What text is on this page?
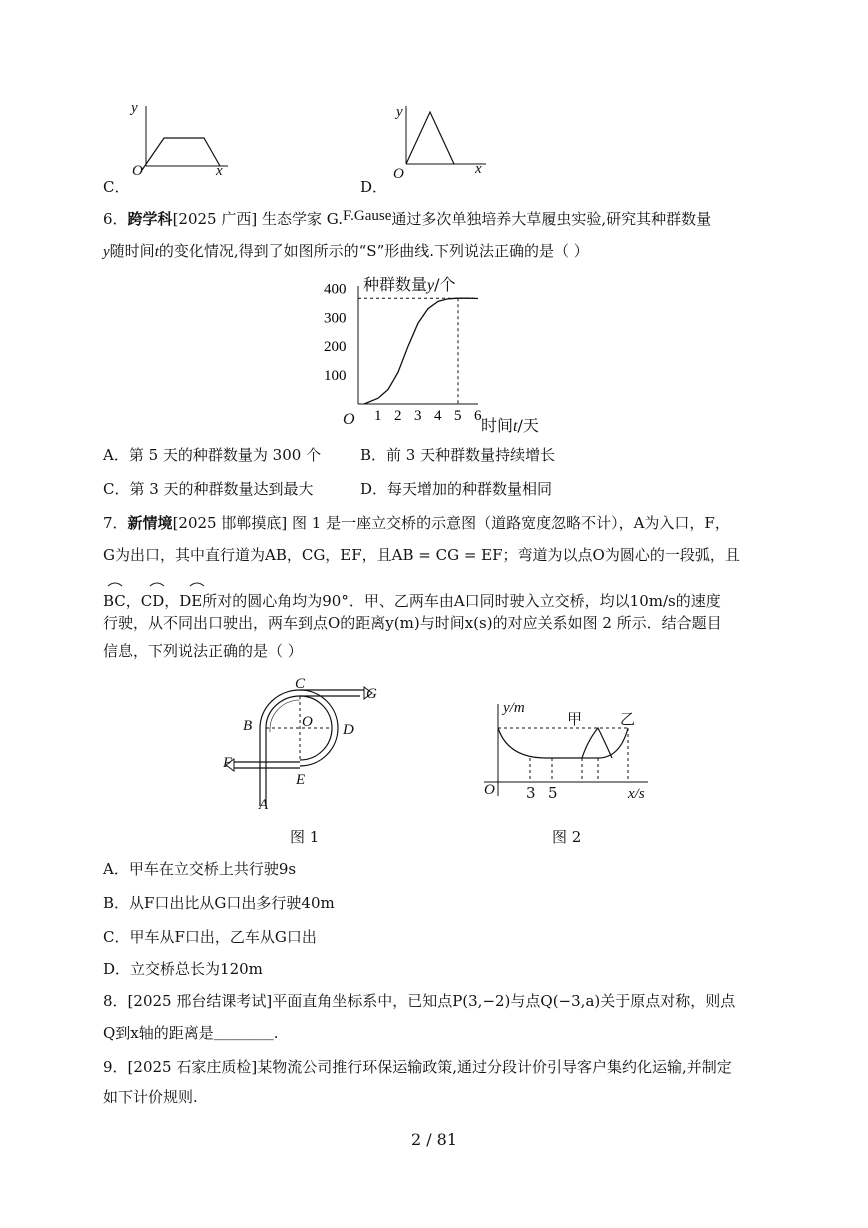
y
x
O
C．
y
x
O
D．
6．跨学科[2025 广西] 生态学家 G.F.Gause通过多次单独培养大草履虫实验,研究其种群数量
y随时间t的变化情况,得到了如图所示的“S”形曲线.下列说法正确的是（ ）
1 2 3 4 5 6
100
200
300
400 种群数量y/个
时间t/天
O
A．第 5 天的种群数量为 300 个	B．前 3 天种群数量持续增长
C．第 3 天的种群数量达到最大	D．每天增加的种群数量相同
7．新情境[2025 邯郸摸底] 图 1 是一座立交桥的示意图（道路宽度忽略不计），A为入口，F，
G为出口，其中直行道为AB，CG，EF，且AB = CG = EF；弯道为以点O为圆心的一段弧，且
BC，CD，DE所对的圆心角均为90°．甲、乙两车由A口同时驶入立交桥，均以10m/s的速度
行驶，从不同出口驶出，两车到点O的距离y(m)与时间x(s)的对应关系如图 2 所示．结合题目
信息，下列说法正确的是（ ）
C
G
B	O D
F
E
A
图 1
y/m
甲	乙
O 3 5	x/s
图 2
A．甲车在立交桥上共行驶9s
B．从F口出比从G口出多行驶40m
C．甲车从F口出，乙车从G口出
D．立交桥总长为120m
8．[2025 邢台结课考试]平面直角坐标系中，已知点P(3,−2)与点Q(−3,a)关于原点对称，则点
Q到x轴的距离是＿＿＿＿.
9．[2025 石家庄质检]某物流公司推行环保运输政策,通过分段计价引导客户集约化运输,并制定
如下计价规则.
2 / 81
